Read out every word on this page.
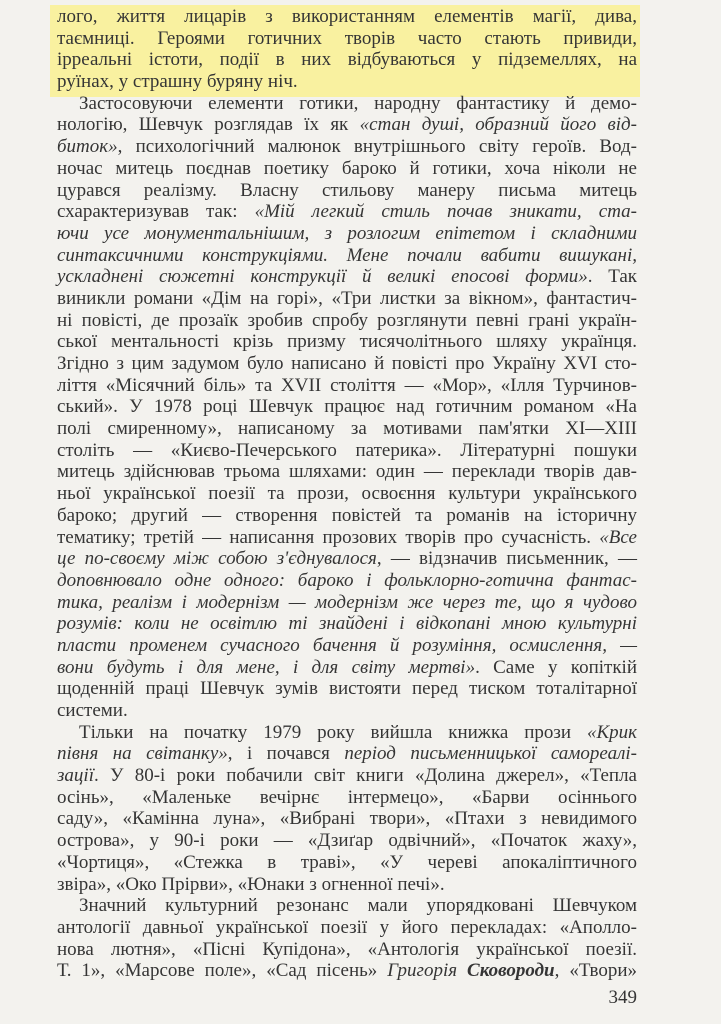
лого, життя лицарів з використанням елементів магії, дива,
таємниці. Героями готичних творів часто стають привиди,
ірреальні істоти, події в них відбуваються у підземеллях, на
руїнах, у страшну буряну ніч.
Застосовуючи елементи готики, народну фантастику й демо-
нологію, Шевчук розглядав їх як «стан душі, образний його від-
биток», психологічний малюнок внутрішнього світу героїв. Вод-
ночас митець поєднав поетику бароко й готики, хоча ніколи не
цурався реалізму. Власну стильову манеру письма митець
схарактеризував так: «Мій легкий стиль почав зникати, ста-
ючи усе монументальнішим, з розлогим епітетом і складними
синтаксичними конструкціями. Мене почали вабити вишукані,
ускладнені сюжетні конструкції й великі епосові форми». Так
виникли романи «Дім на горі», «Три листки за вікном», фантастич-
ні повісті, де прозаїк зробив спробу розглянути певні грані україн-
ської ментальності крізь призму тисячолітнього шляху українця.
Згідно з цим задумом було написано й повісті про Україну XVI сто-
ліття «Місячний біль» та XVII століття — «Мор», «Ілля Турчинов-
ський». У 1978 році Шевчук працює над готичним романом «На
полі смиренному», написаному за мотивами пам'ятки XI—XIII
століть — «Києво-Печерського патерика». Літературні пошуки
митець здійснював трьома шляхами: один — переклади творів дав-
ньої української поезії та прози, освоєння культури українського
бароко; другий — створення повістей та романів на історичну
тематику; третій — написання прозових творів про сучасність. «Все
це по-своєму між собою з'єднувалося, — відзначив письменник, —
доповнювало одне одного: бароко і фольклорно-готична фантас-
тика, реалізм і модернізм — модернізм же через те, що я чудово
розумів: коли не освітлю ті знайдені і відкопані мною культурні
пласти променем сучасного бачення й розуміння, осмислення, —
вони будуть і для мене, і для світу мертві». Саме у копіткій
щоденній праці Шевчук зумів вистояти перед тиском тоталітарної
системи.
Тільки на початку 1979 року вийшла книжка прози «Крик
півня на світанку», і почався період письменницької самореалі-
зації. У 80-і роки побачили світ книги «Долина джерел», «Тепла
осінь», «Маленьке вечірнє інтермецо», «Барви осіннього
саду», «Камінна луна», «Вибрані твори», «Птахи з невидимого
острова», у 90-і роки — «Дзиґар одвічний», «Початок жаху»,
«Чортиця», «Стежка в траві», «У череві апокаліптичного
звіра», «Око Прірви», «Юнаки з огненної печі».
Значний культурний резонанс мали упорядковані Шевчуком
антології давньої української поезії у його перекладах: «Аполло-
нова лютня», «Пісні Купідона», «Антологія української поезії.
Т. 1», «Марсове поле», «Сад пісень» Григорія Сковороди, «Твори»
349
